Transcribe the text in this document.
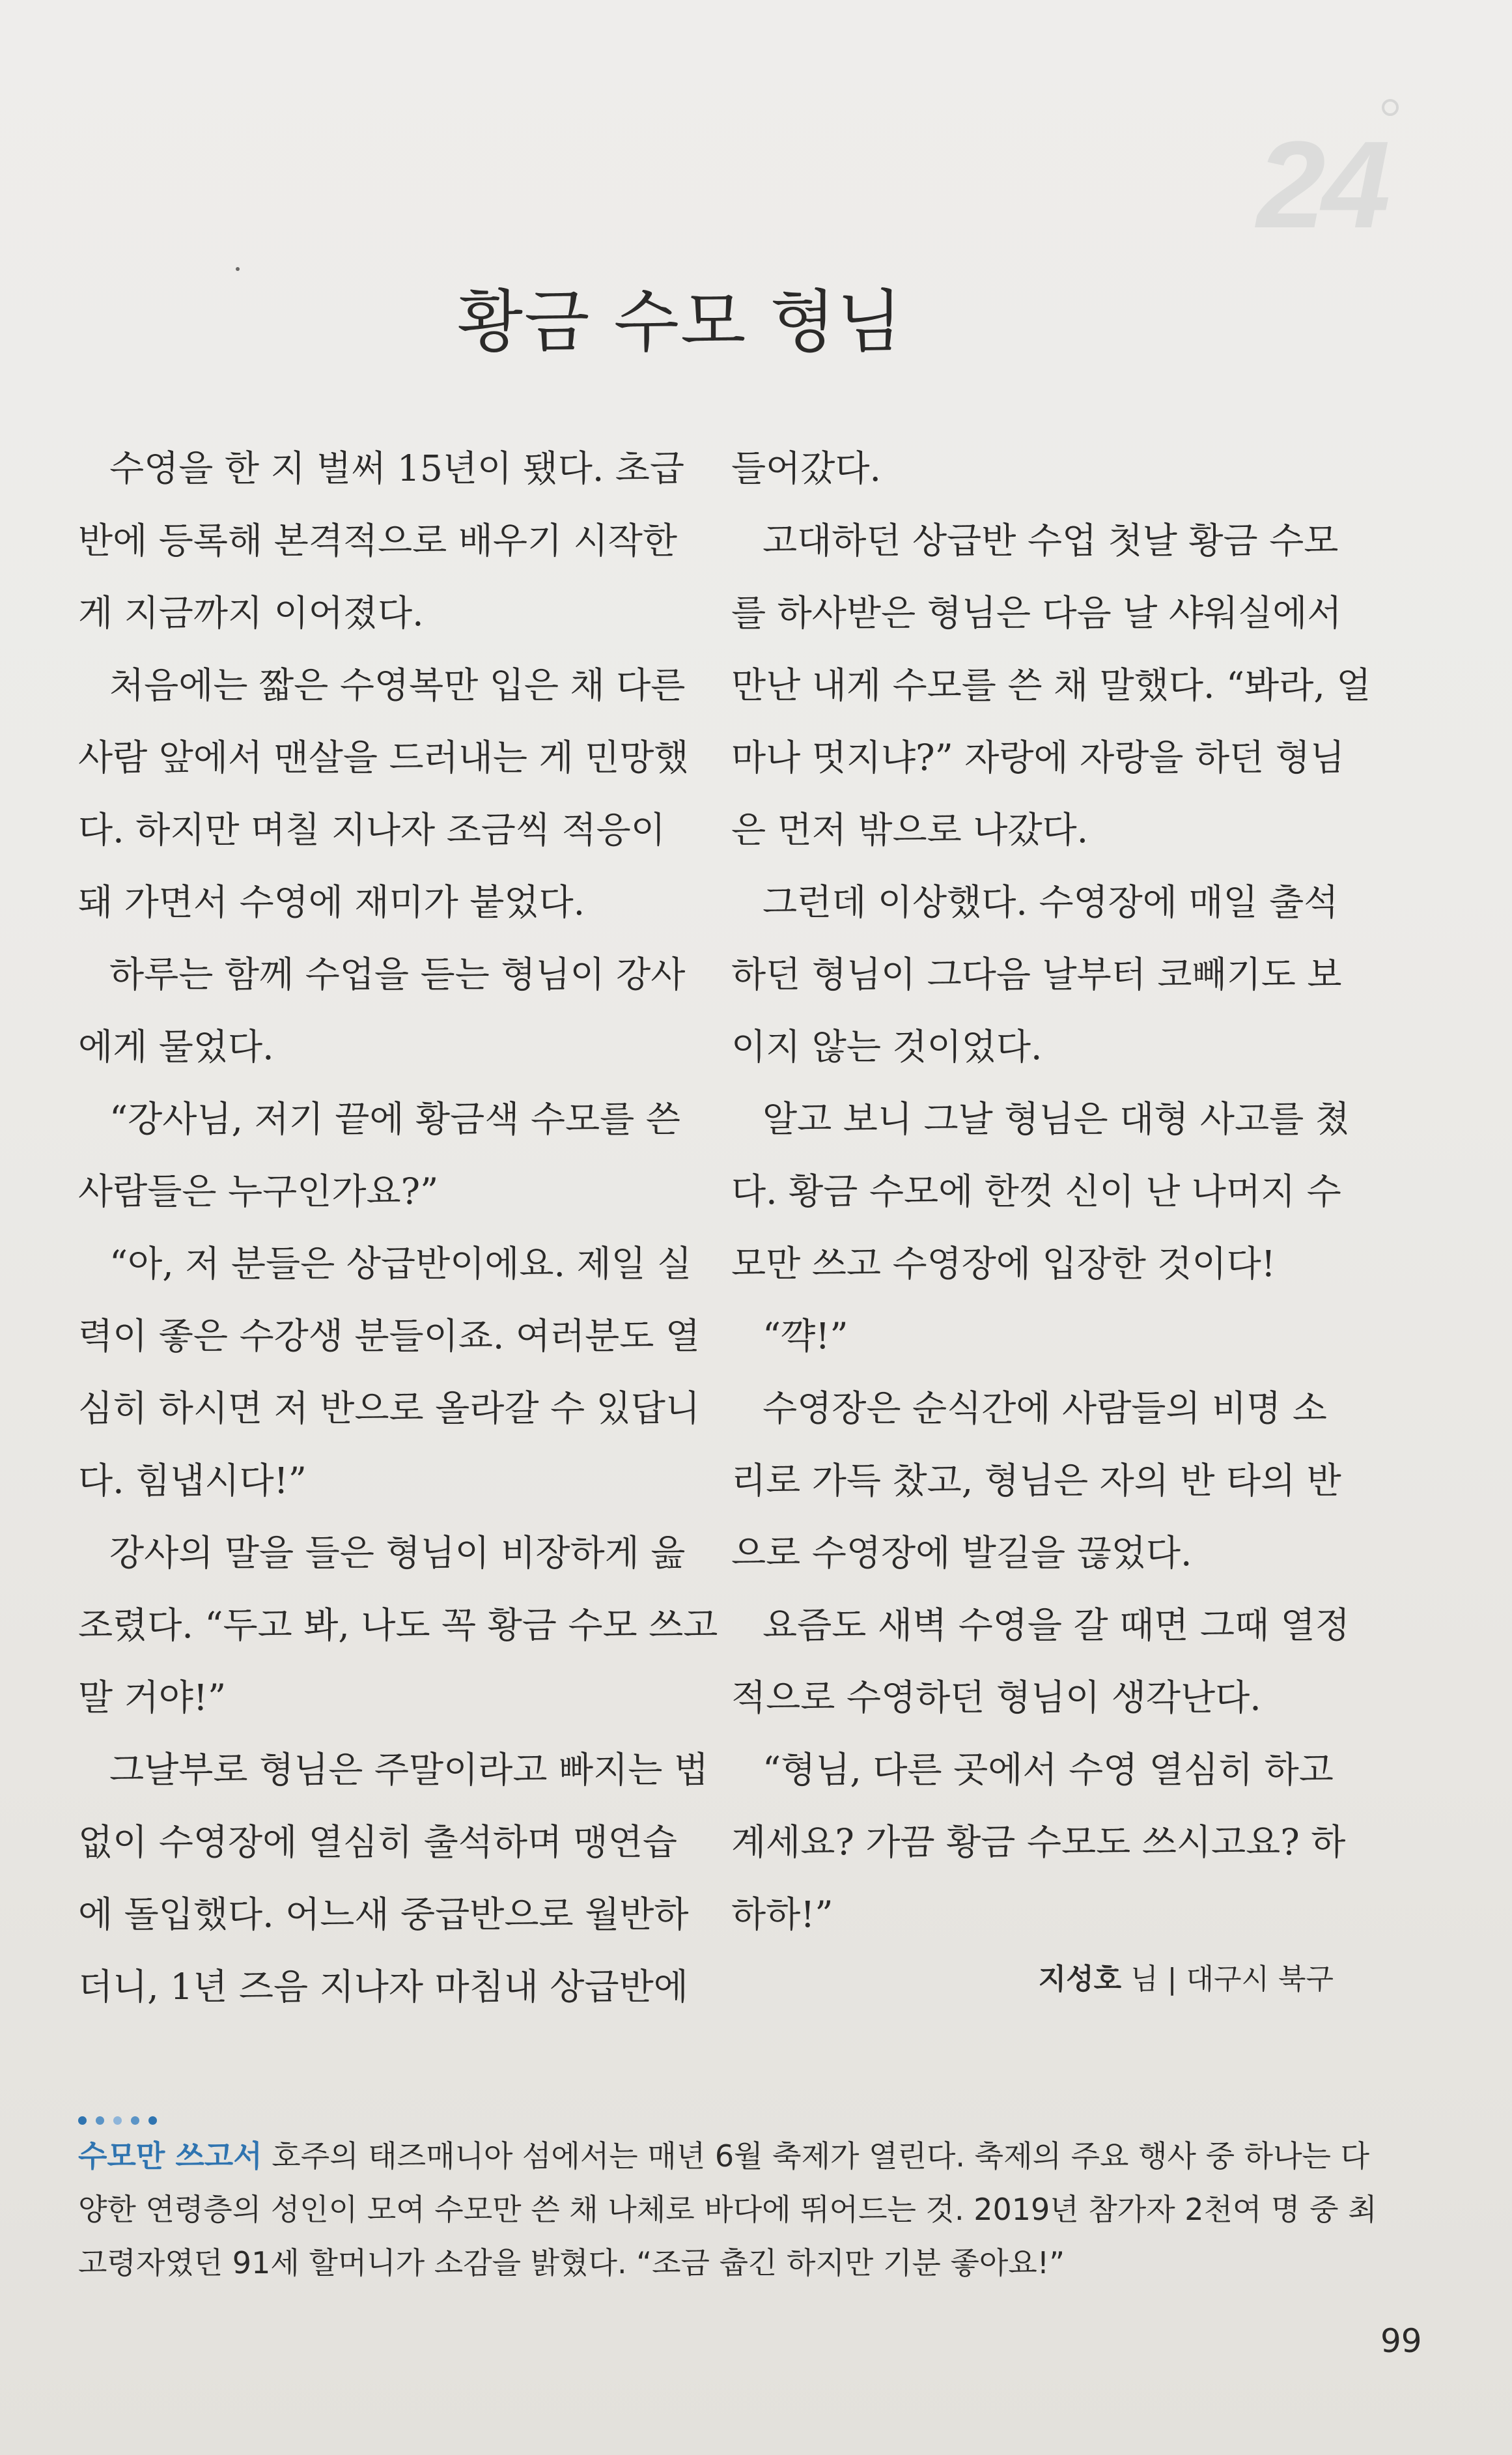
24
황금 수모 형님
수영을 한 지 벌써 15년이 됐다. 초급
반에 등록해 본격적으로 배우기 시작한
게 지금까지 이어졌다.
처음에는 짧은 수영복만 입은 채 다른
사람 앞에서 맨살을 드러내는 게 민망했
다. 하지만 며칠 지나자 조금씩 적응이
돼 가면서 수영에 재미가 붙었다.
하루는 함께 수업을 듣는 형님이 강사
에게 물었다.
“강사님, 저기 끝에 황금색 수모를 쓴
사람들은 누구인가요?”
“아, 저 분들은 상급반이에요. 제일 실
력이 좋은 수강생 분들이죠. 여러분도 열
심히 하시면 저 반으로 올라갈 수 있답니
다. 힘냅시다!”
강사의 말을 들은 형님이 비장하게 읊
조렸다. “두고 봐, 나도 꼭 황금 수모 쓰고
말 거야!”
그날부로 형님은 주말이라고 빠지는 법
없이 수영장에 열심히 출석하며 맹연습
에 돌입했다. 어느새 중급반으로 월반하
더니, 1년 즈음 지나자 마침내 상급반에
들어갔다.
고대하던 상급반 수업 첫날 황금 수모
를 하사받은 형님은 다음 날 샤워실에서
만난 내게 수모를 쓴 채 말했다. “봐라, 얼
마나 멋지냐?” 자랑에 자랑을 하던 형님
은 먼저 밖으로 나갔다.
그런데 이상했다. 수영장에 매일 출석
하던 형님이 그다음 날부터 코빼기도 보
이지 않는 것이었다.
알고 보니 그날 형님은 대형 사고를 쳤
다. 황금 수모에 한껏 신이 난 나머지 수
모만 쓰고 수영장에 입장한 것이다!
“꺅!”
수영장은 순식간에 사람들의 비명 소
리로 가득 찼고, 형님은 자의 반 타의 반
으로 수영장에 발길을 끊었다.
요즘도 새벽 수영을 갈 때면 그때 열정
적으로 수영하던 형님이 생각난다.
“형님, 다른 곳에서 수영 열심히 하고
계세요? 가끔 황금 수모도 쓰시고요? 하
하하!”
지성호 님 | 대구시 북구
수모만 쓰고서 호주의 태즈매니아 섬에서는 매년 6월 축제가 열린다. 축제의 주요 행사 중 하나는 다
양한 연령층의 성인이 모여 수모만 쓴 채 나체로 바다에 뛰어드는 것. 2019년 참가자 2천여 명 중 최
고령자였던 91세 할머니가 소감을 밝혔다. “조금 춥긴 하지만 기분 좋아요!”
99
